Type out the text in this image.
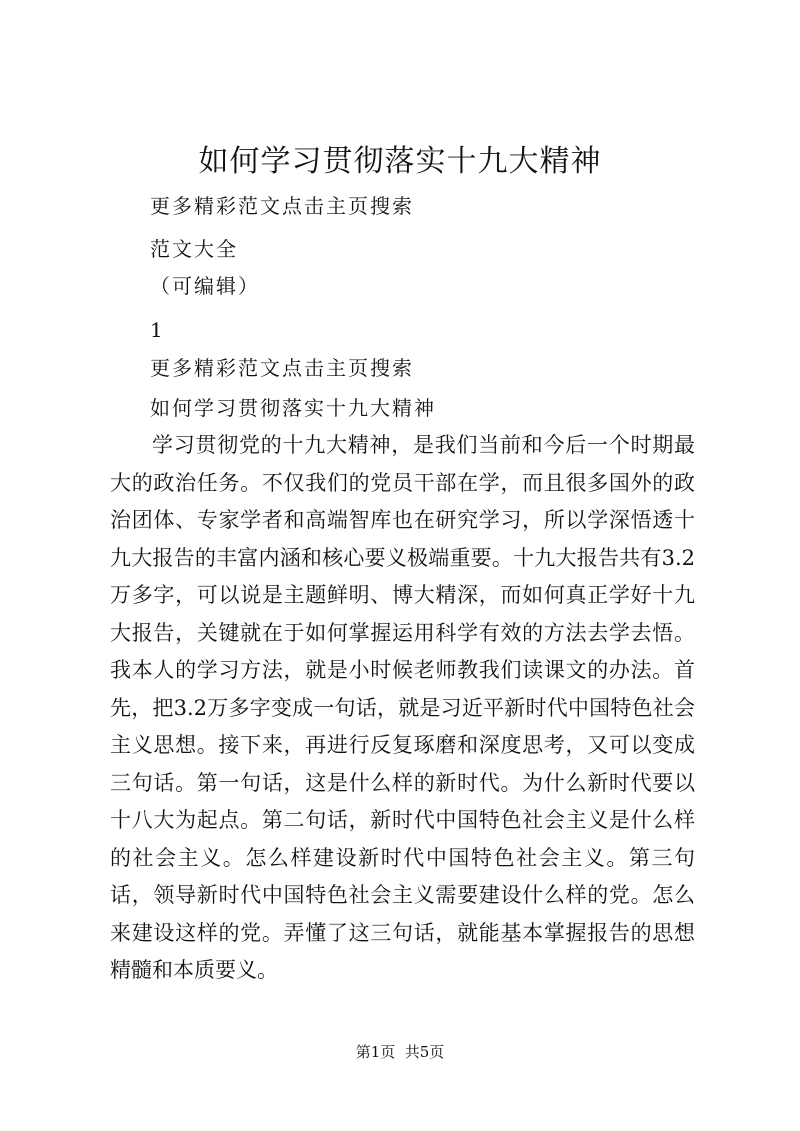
如何学习贯彻落实十九大精神
更多精彩范文点击主页搜索
范文大全
（可编辑）
1
更多精彩范文点击主页搜索
如何学习贯彻落实十九大精神

学习贯彻党的十九大精神，是我们当前和今后一个时期最大的政治任务。不仅我们的党员干部在学，而且很多国外的政治团体、专家学者和高端智库也在研究学习，所以学深悟透十九大报告的丰富内涵和核心要义极端重要。十九大报告共有3.2万多字，可以说是主题鲜明、博大精深，而如何真正学好十九大报告，关键就在于如何掌握运用科学有效的方法去学去悟。我本人的学习方法，就是小时候老师教我们读课文的办法。首先，把3.2万多字变成一句话，就是习近平新时代中国特色社会主义思想。接下来，再进行反复琢磨和深度思考，又可以变成三句话。第一句话，这是什么样的新时代。为什么新时代要以十八大为起点。第二句话，新时代中国特色社会主义是什么样的社会主义。怎么样建设新时代中国特色社会主义。第三句话，领导新时代中国特色社会主义需要建设什么样的党。怎么来建设这样的党。弄懂了这三句话，就能基本掌握报告的思想精髓和本质要义。

第1页  共5页
